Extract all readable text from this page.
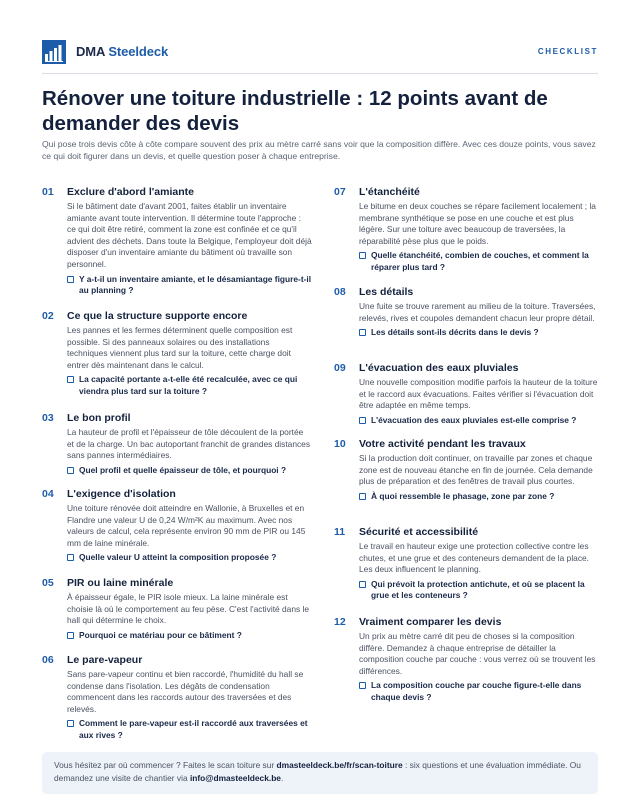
DMA Steeldeck	CHECKLIST
Rénover une toiture industrielle : 12 points avant de demander des devis

Qui pose trois devis côte à côte compare souvent des prix au mètre carré sans voir que la composition diffère. Avec ces douze points, vous savez ce qui doit figurer dans un devis, et quelle question poser à chaque entreprise.

01 Exclure d'abord l'amiante
Si le bâtiment date d'avant 2001, faites établir un inventaire amiante avant toute intervention. Il détermine toute l'approche : ce qui doit être retiré, comment la zone est confinée et ce qu'il advient des déchets. Dans toute la Belgique, l'employeur doit déjà disposer d'un inventaire amiante du bâtiment où travaille son personnel.
Y a-t-il un inventaire amiante, et le désamiantage figure-t-il au planning ?
02 Ce que la structure supporte encore
Les pannes et les fermes déterminent quelle composition est possible. Si des panneaux solaires ou des installations techniques viennent plus tard sur la toiture, cette charge doit entrer dès maintenant dans le calcul.
La capacité portante a-t-elle été recalculée, avec ce qui viendra plus tard sur la toiture ?
03 Le bon profil
La hauteur de profil et l'épaisseur de tôle découlent de la portée et de la charge. Un bac autoportant franchit de grandes distances sans pannes intermédiaires.
Quel profil et quelle épaisseur de tôle, et pourquoi ?
04 L'exigence d'isolation
Une toiture rénovée doit atteindre en Wallonie, à Bruxelles et en Flandre une valeur U de 0,24 W/m²K au maximum. Avec nos valeurs de calcul, cela représente environ 90 mm de PIR ou 145 mm de laine minérale.
Quelle valeur U atteint la composition proposée ?
05 PIR ou laine minérale
À épaisseur égale, le PIR isole mieux. La laine minérale est choisie là où le comportement au feu pèse. C'est l'activité dans le hall qui détermine le choix.
Pourquoi ce matériau pour ce bâtiment ?
06 Le pare-vapeur
Sans pare-vapeur continu et bien raccordé, l'humidité du hall se condense dans l'isolation. Les dégâts de condensation commencent dans les raccords autour des traversées et des relevés.
Comment le pare-vapeur est-il raccordé aux traversées et aux rives ?
07 L'étanchéité
Le bitume en deux couches se répare facilement localement ; la membrane synthétique se pose en une couche et est plus légère. Sur une toiture avec beaucoup de traversées, la réparabilité pèse plus que le poids.
Quelle étanchéité, combien de couches, et comment la réparer plus tard ?
08 Les détails
Une fuite se trouve rarement au milieu de la toiture. Traversées, relevés, rives et coupoles demandent chacun leur propre détail.
Les détails sont-ils décrits dans le devis ?
09 L'évacuation des eaux pluviales
Une nouvelle composition modifie parfois la hauteur de la toiture et le raccord aux évacuations. Faites vérifier si l'évacuation doit être adaptée en même temps.
L'évacuation des eaux pluviales est-elle comprise ?
10 Votre activité pendant les travaux
Si la production doit continuer, on travaille par zones et chaque zone est de nouveau étanche en fin de journée. Cela demande plus de préparation et des fenêtres de travail plus courtes.
À quoi ressemble le phasage, zone par zone ?
11 Sécurité et accessibilité
Le travail en hauteur exige une protection collective contre les chutes, et une grue et des conteneurs demandent de la place. Les deux influencent le planning.
Qui prévoit la protection antichute, et où se placent la grue et les conteneurs ?
12 Vraiment comparer les devis
Un prix au mètre carré dit peu de choses si la composition diffère. Demandez à chaque entreprise de détailler la composition couche par couche : vous verrez où se trouvent les différences.
La composition couche par couche figure-t-elle dans chaque devis ?
Vous hésitez par où commencer ? Faites le scan toiture sur dmasteeldeck.be/fr/scan-toiture : six questions et une évaluation immédiate. Ou demandez une visite de chantier via info@dmasteeldeck.be.
